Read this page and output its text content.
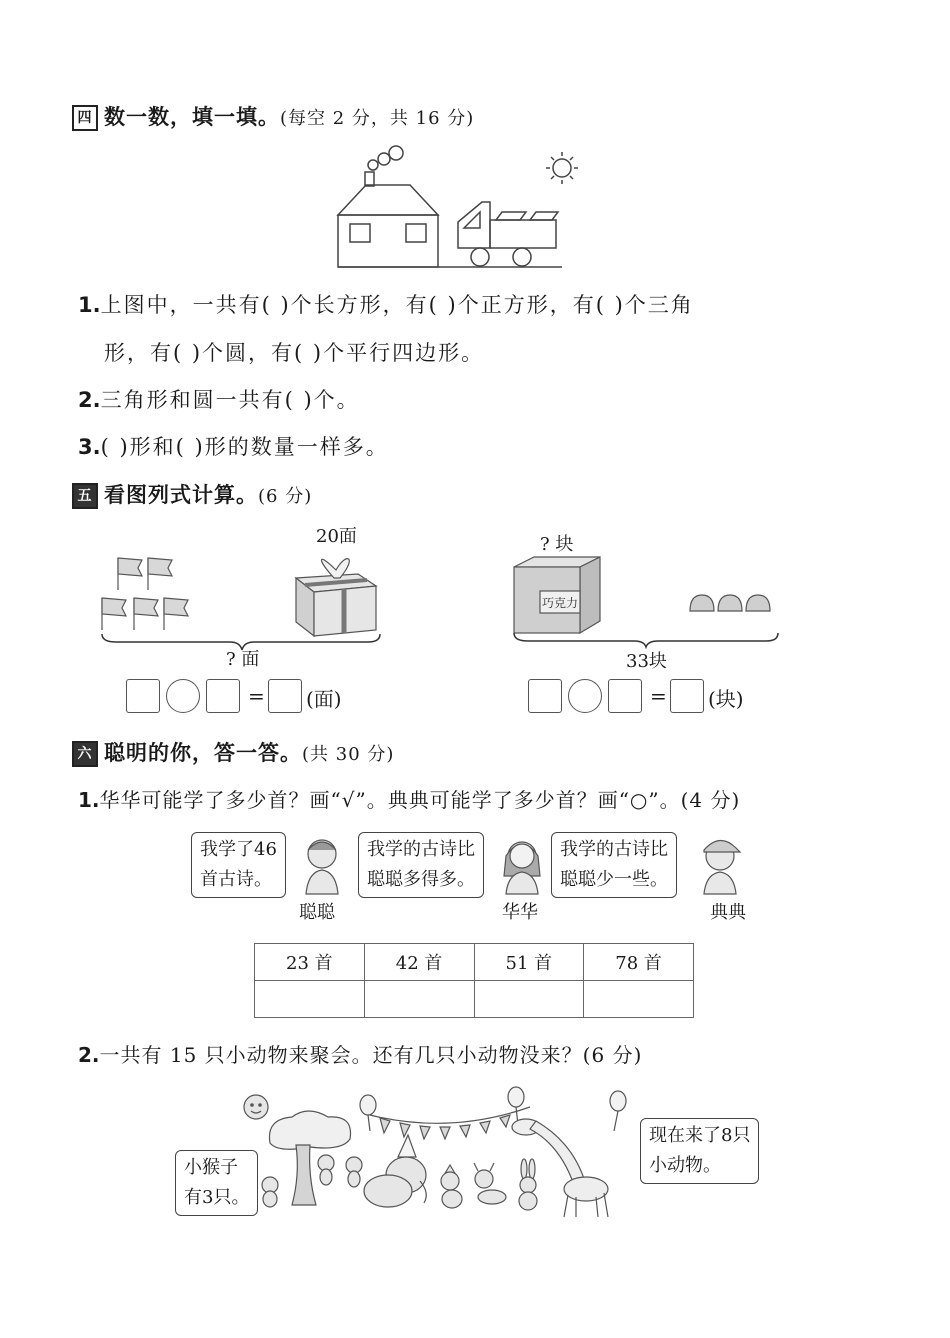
四 数一数，填一填。(每空 2 分，共 16 分)
1.上图中，一共有( )个长方形，有( )个正方形，有( )个三角
形，有( )个圆，有( )个平行四边形。
2.三角形和圆一共有( )个。
3.( )形和( )形的数量一样多。
五 看图列式计算。(6 分)
20面
? 面
= (面)
? 块
巧克力
33块
= (块)
六 聪明的你，答一答。(共 30 分)
1.华华可能学了多少首？画“√”。典典可能学了多少首？画“○”。(4 分)
我学了46
首古诗。
我学的古诗比
聪聪多得多。
我学的古诗比
聪聪少一些。
聪聪	华华	典典
23 首	42 首	51 首	78 首

2.一共有 15 只小动物来聚会。还有几只小动物没来？(6 分)
小猴子
有3只。
现在来了8只
小动物。
